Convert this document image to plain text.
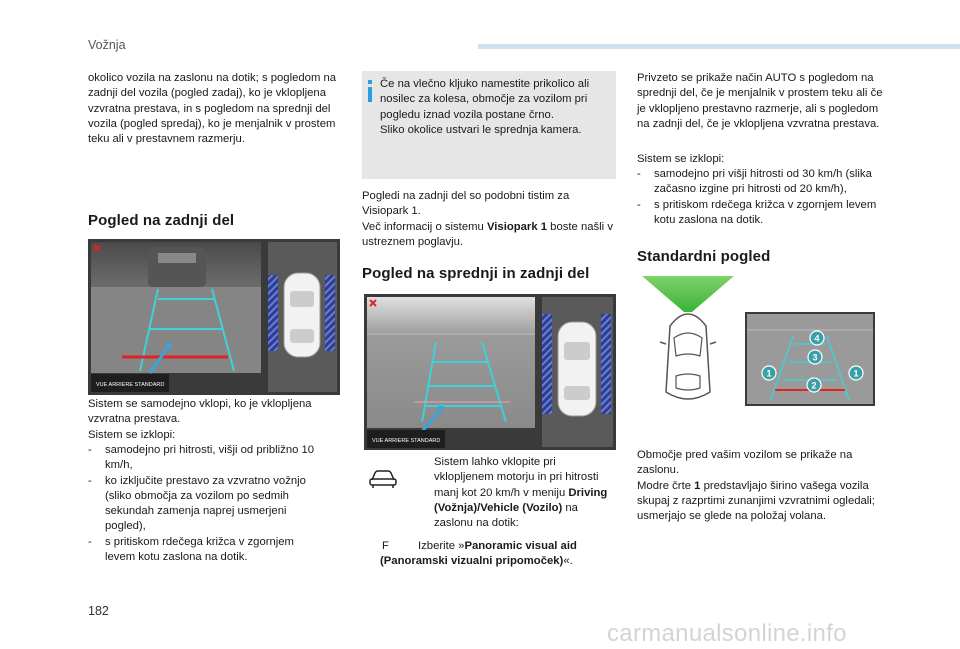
Vožnja
okolico vozila na zaslonu na dotik; s pogledom na zadnji del vozila (pogled zadaj), ko je vklopljena vzvratna prestava, in s pogledom na sprednji del vozila (pogled spredaj), ko je menjalnik v prostem teku ali v prestavnem razmerju.
Pogled na zadnji del
VUE ARRIERE STANDARD
Sistem se samodejno vklopi, ko je vklopljena vzvratna prestava.
Sistem se izklopi:
-	samodejno pri hitrosti, višji od približno 10 km/h,
-	ko izključite prestavo za vzvratno vožnjo (sliko območja za vozilom po sedmih sekundah zamenja naprej usmerjeni pogled),
-	s pritiskom rdečega križca v zgornjem levem kotu zaslona na dotik.
Če na vlečno kljuko namestite prikolico ali nosilec za kolesa, območje za vozilom pri pogledu iznad vozila postane črno.
Sliko okolice ustvari le sprednja kamera.
Pogledi na zadnji del so podobni tistim za Visiopark 1.
Več informacij o sistemu Visiopark 1 boste našli v ustreznem poglavju.
Pogled na sprednji in zadnji del
VUE ARRIERE STANDARD
Sistem lahko vklopite pri vklopljenem motorju in pri hitrosti manj kot 20 km/h v meniju Driving (Vožnja)/Vehicle (Vozilo) na zaslonu na dotik:
F	Izberite »Panoramic visual aid (Panoramski vizualni pripomoček)«.
Privzeto se prikaže način AUTO s pogledom na sprednji del, če je menjalnik v prostem teku ali če je vklopljeno prestavno razmerje, ali s pogledom na zadnji del, če je vklopljena vzvratna prestava.
Sistem se izklopi:
-	samodejno pri višji hitrosti od 30 km/h (slika začasno izgine pri hitrosti od 20 km/h),
-	s pritiskom rdečega križca v zgornjem levem kotu zaslona na dotik.
Standardni pogled
4
3
1
2
1
Območje pred vašim vozilom se prikaže na zaslonu.
Modre črte 1 predstavljajo širino vašega vozila skupaj z razprtimi zunanjimi vzvratnimi ogledali; usmerjajo se glede na položaj volana.
182
carmanualsonline.info
